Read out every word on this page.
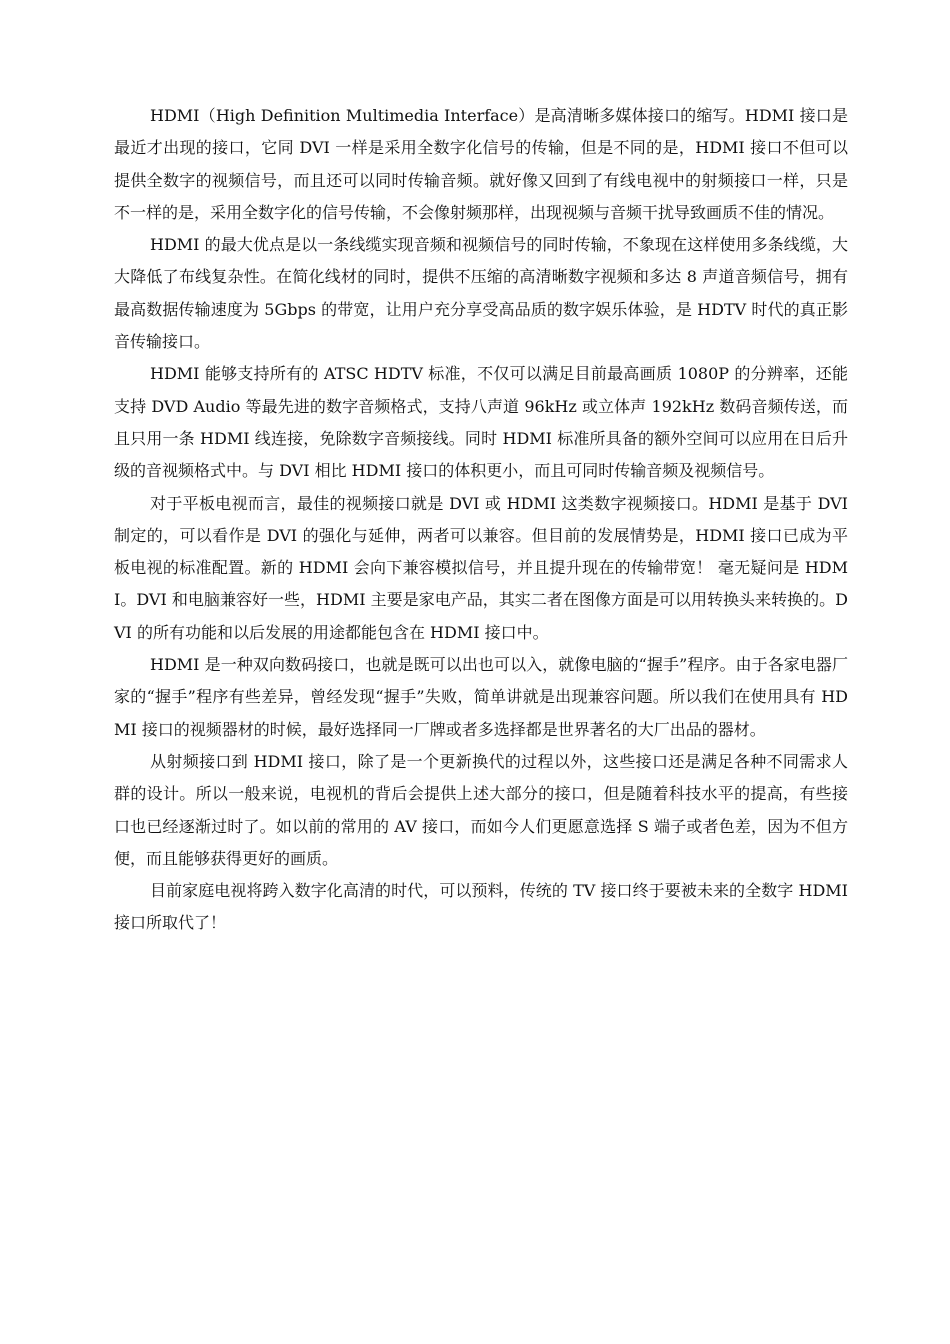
HDMI（High Definition Multimedia Interface）是高清晰多媒体接口的缩写。HDMI 接口是最近才出现的接口，它同 DVI 一样是采用全数字化信号的传输，但是不同的是，HDMI 接口不但可以提供全数字的视频信号，而且还可以同时传输音频。就好像又回到了有线电视中的射频接口一样，只是不一样的是，采用全数字化的信号传输，不会像射频那样，出现视频与音频干扰导致画质不佳的情况。

HDMI 的最大优点是以一条线缆实现音频和视频信号的同时传输，不象现在这样使用多条线缆，大大降低了布线复杂性。在简化线材的同时，提供不压缩的高清晰数字视频和多达 8 声道音频信号，拥有最高数据传输速度为 5Gbps 的带宽，让用户充分享受高品质的数字娱乐体验，是 HDTV 时代的真正影音传输接口。

HDMI 能够支持所有的 ATSC HDTV 标准，不仅可以满足目前最高画质 1080P 的分辨率，还能支持 DVD Audio 等最先进的数字音频格式，支持八声道 96kHz 或立体声 192kHz 数码音频传送，而且只用一条 HDMI 线连接，免除数字音频接线。同时 HDMI 标准所具备的额外空间可以应用在日后升级的音视频格式中。与 DVI 相比 HDMI 接口的体积更小，而且可同时传输音频及视频信号。

对于平板电视而言，最佳的视频接口就是 DVI 或 HDMI 这类数字视频接口。HDMI 是基于 DVI 制定的，可以看作是 DVI 的强化与延伸，两者可以兼容。但目前的发展情势是，HDMI 接口已成为平板电视的标准配置。新的 HDMI 会向下兼容模拟信号，并且提升现在的传输带宽！ 毫无疑问是 HDMI。DVI 和电脑兼容好一些，HDMI 主要是家电产品，其实二者在图像方面是可以用转换头来转换的。DVI 的所有功能和以后发展的用途都能包含在 HDMI 接口中。

HDMI 是一种双向数码接口，也就是既可以出也可以入，就像电脑的“握手”程序。由于各家电器厂家的“握手”程序有些差异，曾经发现“握手”失败，简单讲就是出现兼容问题。所以我们在使用具有 HDMI 接口的视频器材的时候，最好选择同一厂牌或者多选择都是世界著名的大厂出品的器材。

从射频接口到 HDMI 接口，除了是一个更新换代的过程以外，这些接口还是满足各种不同需求人群的设计。所以一般来说，电视机的背后会提供上述大部分的接口，但是随着科技水平的提高，有些接口也已经逐渐过时了。如以前的常用的 AV 接口，而如今人们更愿意选择 S 端子或者色差，因为不但方便，而且能够获得更好的画质。

目前家庭电视将跨入数字化高清的时代，可以预料，传统的 TV 接口终于要被未来的全数字 HDMI 接口所取代了！
